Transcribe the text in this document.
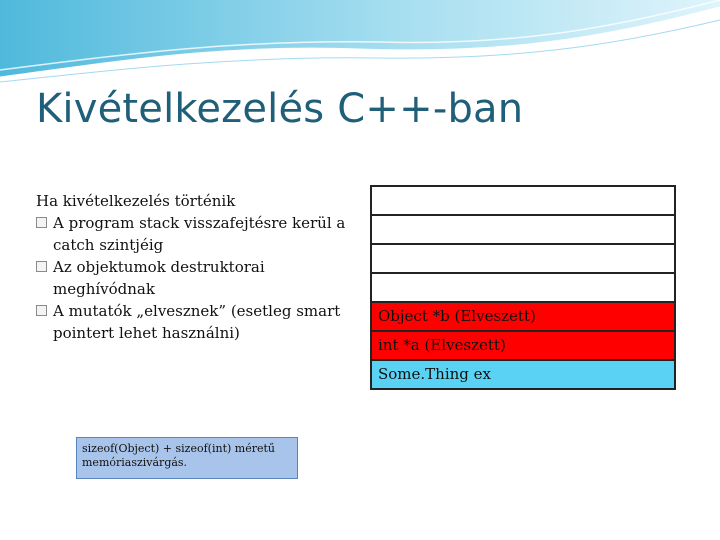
Kivételkezelés C++-ban
Ha kivételkezelés történik
A program stack visszafejtésre kerül a catch szintjéig
Az objektumok destruktorai meghívódnak
A mutatók „elvesznek” (esetleg smart pointert lehet használni)
Object *b (Elveszett)
int *a (Elveszett)
Some.Thing ex
sizeof(Object) + sizeof(int) méretű memóriaszivárgás.
